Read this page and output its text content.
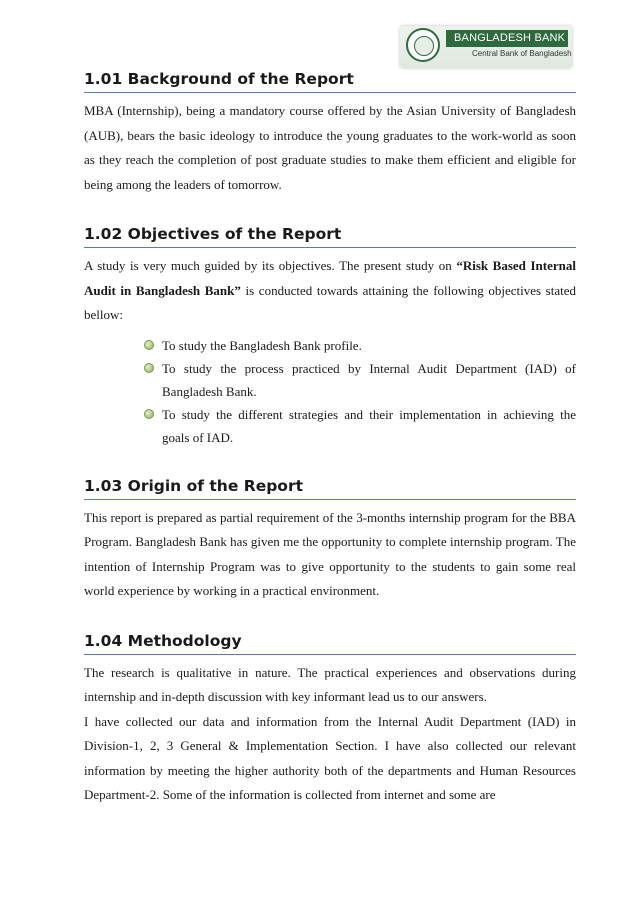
BANGLADESH BANK
Central Bank of Bangladesh
1.01 Background of the Report

MBA (Internship), being a mandatory course offered by the Asian University of Bangladesh (AUB), bears the basic ideology to introduce the young graduates to the work-world as soon as they reach the completion of post graduate studies to make them efficient and eligible for being among the leaders of tomorrow.

1.02 Objectives of the Report

A study is very much guided by its objectives. The present study on “Risk Based Internal Audit in Bangladesh Bank” is conducted towards attaining the following objectives stated bellow:

To study the Bangladesh Bank profile.
To study the process practiced by Internal Audit Department (IAD) of Bangladesh Bank.
To study the different strategies and their implementation in achieving the goals of IAD.
1.03 Origin of the Report

This report is prepared as partial requirement of the 3-months internship program for the BBA Program. Bangladesh Bank has given me the opportunity to complete internship program. The intention of Internship Program was to give opportunity to the students to gain some real world experience by working in a practical environment.

1.04 Methodology

The research is qualitative in nature. The practical experiences and observations during internship and in-depth discussion with key informant lead us to our answers.

I have collected our data and information from the Internal Audit Department (IAD) in Division-1, 2, 3 General & Implementation Section. I have also collected our relevant information by meeting the higher authority both of the departments and Human Resources Department-2. Some of the information is collected from internet and some are
